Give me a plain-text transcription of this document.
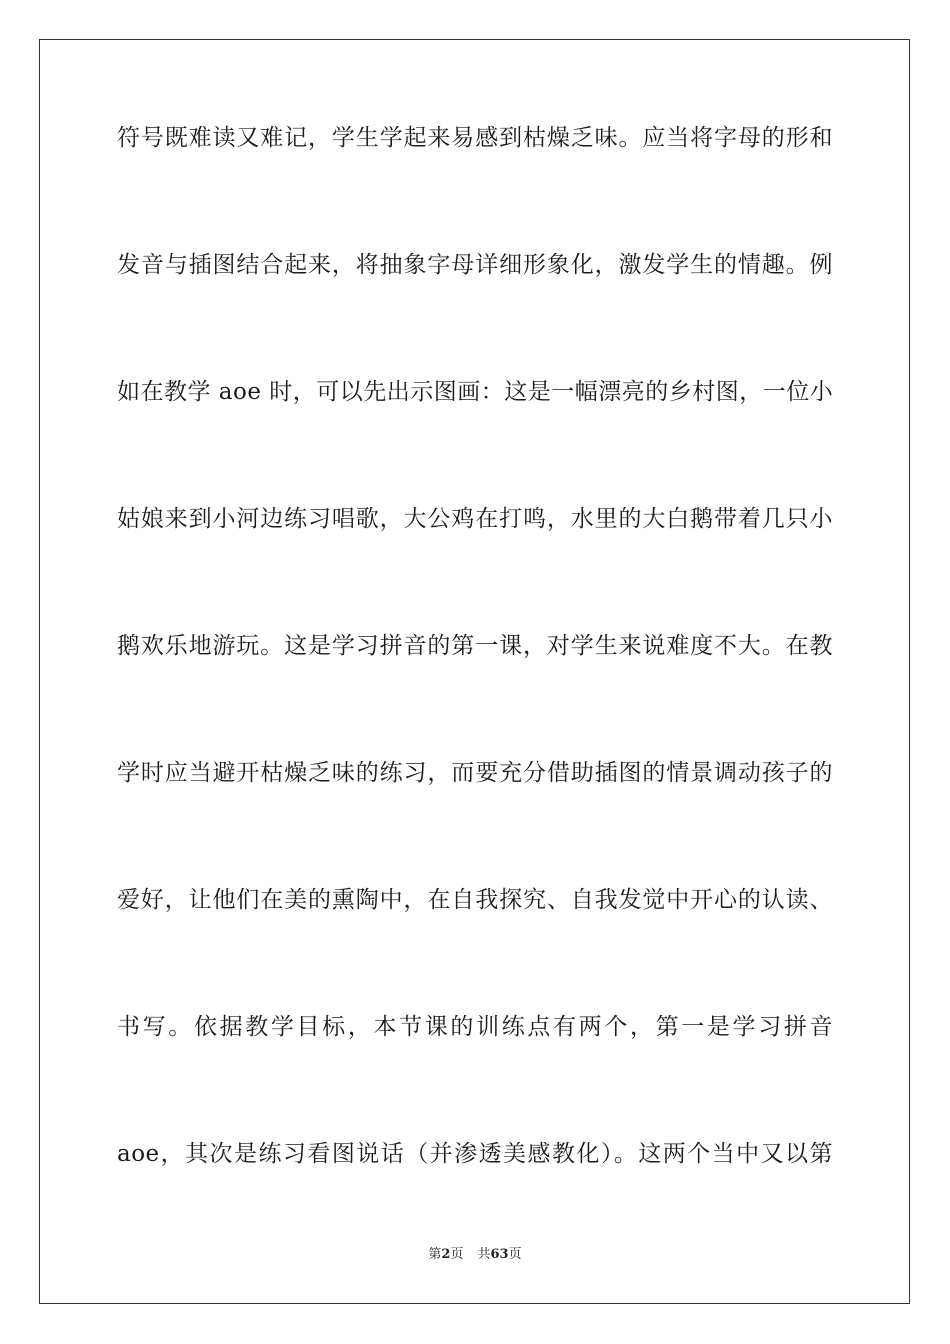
符号既难读又难记，学生学起来易感到枯燥乏味。应当将字母的形和
发音与插图结合起来，将抽象字母详细形象化，激发学生的情趣。例
如在教学 aoe 时，可以先出示图画：这是一幅漂亮的乡村图，一位小
姑娘来到小河边练习唱歌，大公鸡在打鸣，水里的大白鹅带着几只小
鹅欢乐地游玩。这是学习拼音的第一课，对学生来说难度不大。在教
学时应当避开枯燥乏味的练习，而要充分借助插图的情景调动孩子的
爱好，让他们在美的熏陶中，在自我探究、自我发觉中开心的认读、
书写。依据教学目标，本节课的训练点有两个，第一是学习拼音
aoe，其次是练习看图说话（并渗透美感教化）。这两个当中又以第
第2页 共63页
